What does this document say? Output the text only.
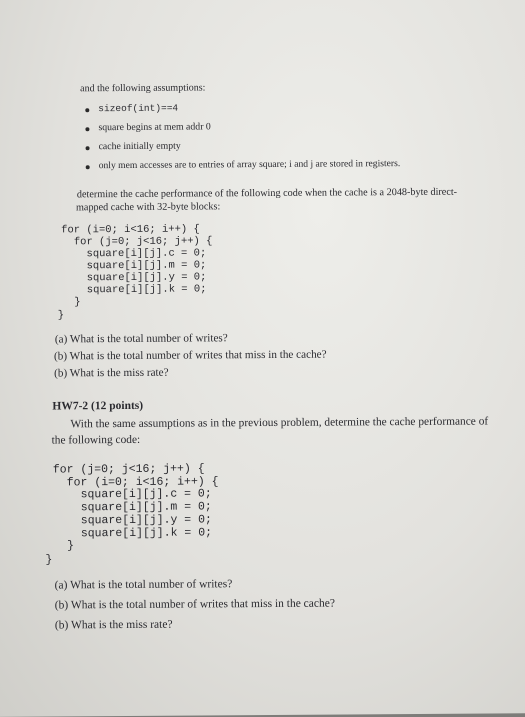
and the following assumptions:
sizeof(int)==4
square begins at mem addr 0
cache initially empty
only mem accesses are to entries of array square; i and j are stored in registers.
determine the cache performance of the following code when the cache is a 2048-byte direct-
mapped cache with 32-byte blocks:
for (i=0; i<16; i++) {
for (j=0; j<16; j++) {
square[i][j].c = 0;
square[i][j].m = 0;
square[i][j].y = 0;
square[i][j].k = 0;
}
}
(a) What is the total number of writes?
(b) What is the total number of writes that miss in the cache?
(b) What is the miss rate?
HW7-2 (12 points)
With the same assumptions as in the previous problem, determine the cache performance of
the following code:
for (j=0; j<16; j++) {
for (i=0; i<16; i++) {
square[i][j].c = 0;
square[i][j].m = 0;
square[i][j].y = 0;
square[i][j].k = 0;
}
}
(a) What is the total number of writes?
(b) What is the total number of writes that miss in the cache?
(b) What is the miss rate?
